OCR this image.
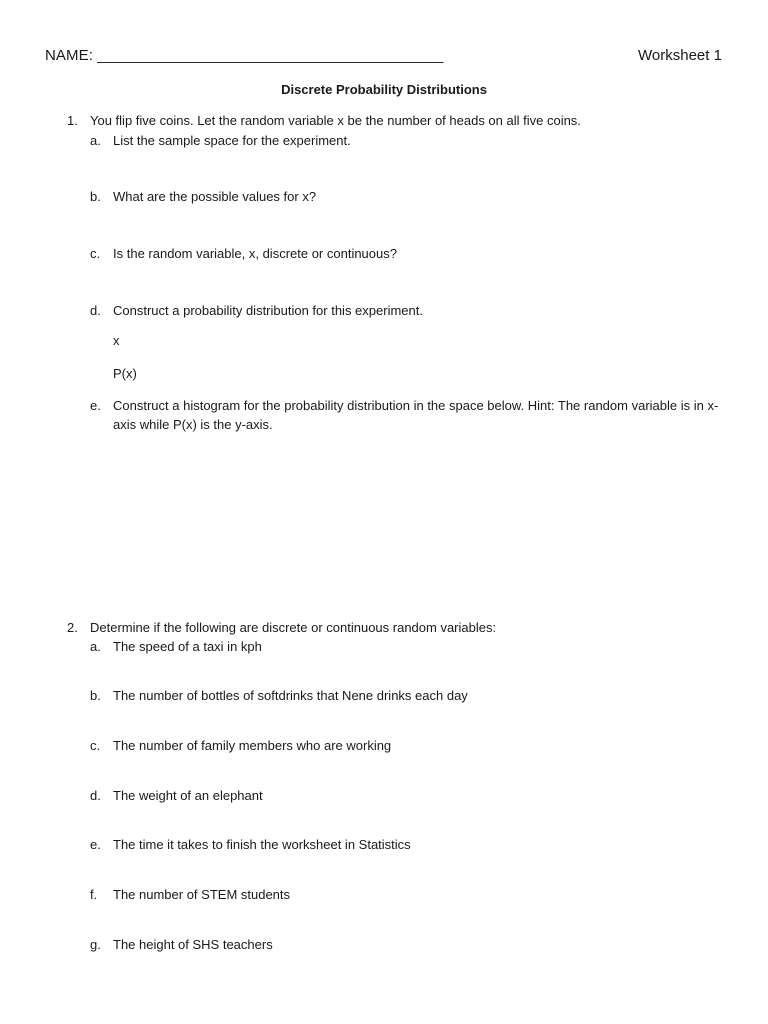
NAME: _________________________________________	Worksheet 1
Discrete Probability Distributions
1. You flip five coins. Let the random variable x be the number of heads on all five coins.
a. List the sample space for the experiment.
b. What are the possible values for x?
c. Is the random variable, x, discrete or continuous?
d. Construct a probability distribution for this experiment.
x
P(x)
e. Construct a histogram for the probability distribution in the space below. Hint: The random variable is in x-axis while P(x) is the y-axis.
2. Determine if the following are discrete or continuous random variables:
a. The speed of a taxi in kph
b. The number of bottles of softdrinks that Nene drinks each day
c. The number of family members who are working
d. The weight of an elephant
e. The time it takes to finish the worksheet in Statistics
f. The number of STEM students
g. The height of SHS teachers
